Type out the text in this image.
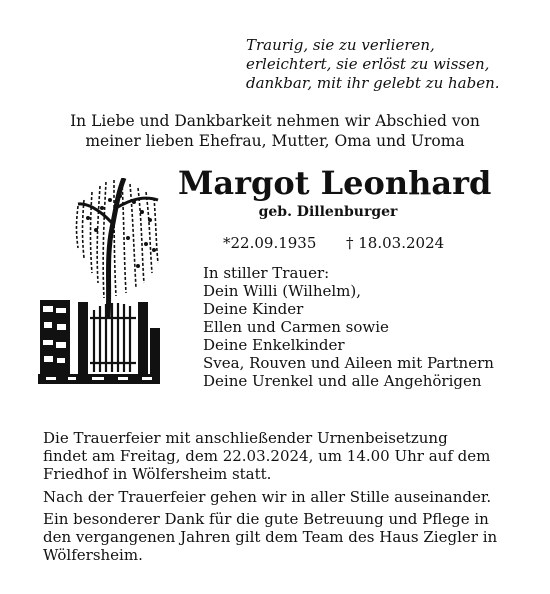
Traurig, sie zu verlieren,
erleichtert, sie erlöst zu wissen,
dankbar, mit ihr gelebt zu haben.
In Liebe und Dankbarkeit nehmen wir Abschied von
meiner lieben Ehefrau, Mutter, Oma und Uroma
Margot Leonhard
geb. Dillenburger
*22.09.1935 † 18.03.2024
In stiller Trauer:
Dein Willi (Wilhelm),
Deine Kinder
Ellen und Carmen sowie
Deine Enkelkinder
Svea, Rouven und Aileen mit Partnern
Deine Urenkel und alle Angehörigen
Die Trauerfeier mit anschließender Urnenbeisetzung
findet am Freitag, dem 22.03.2024, um 14.00 Uhr auf dem
Friedhof in Wölfersheim statt.
Nach der Trauerfeier gehen wir in aller Stille auseinander.
Ein besonderer Dank für die gute Betreuung und Pflege in
den vergangenen Jahren gilt dem Team des Haus Ziegler in
Wölfersheim.
